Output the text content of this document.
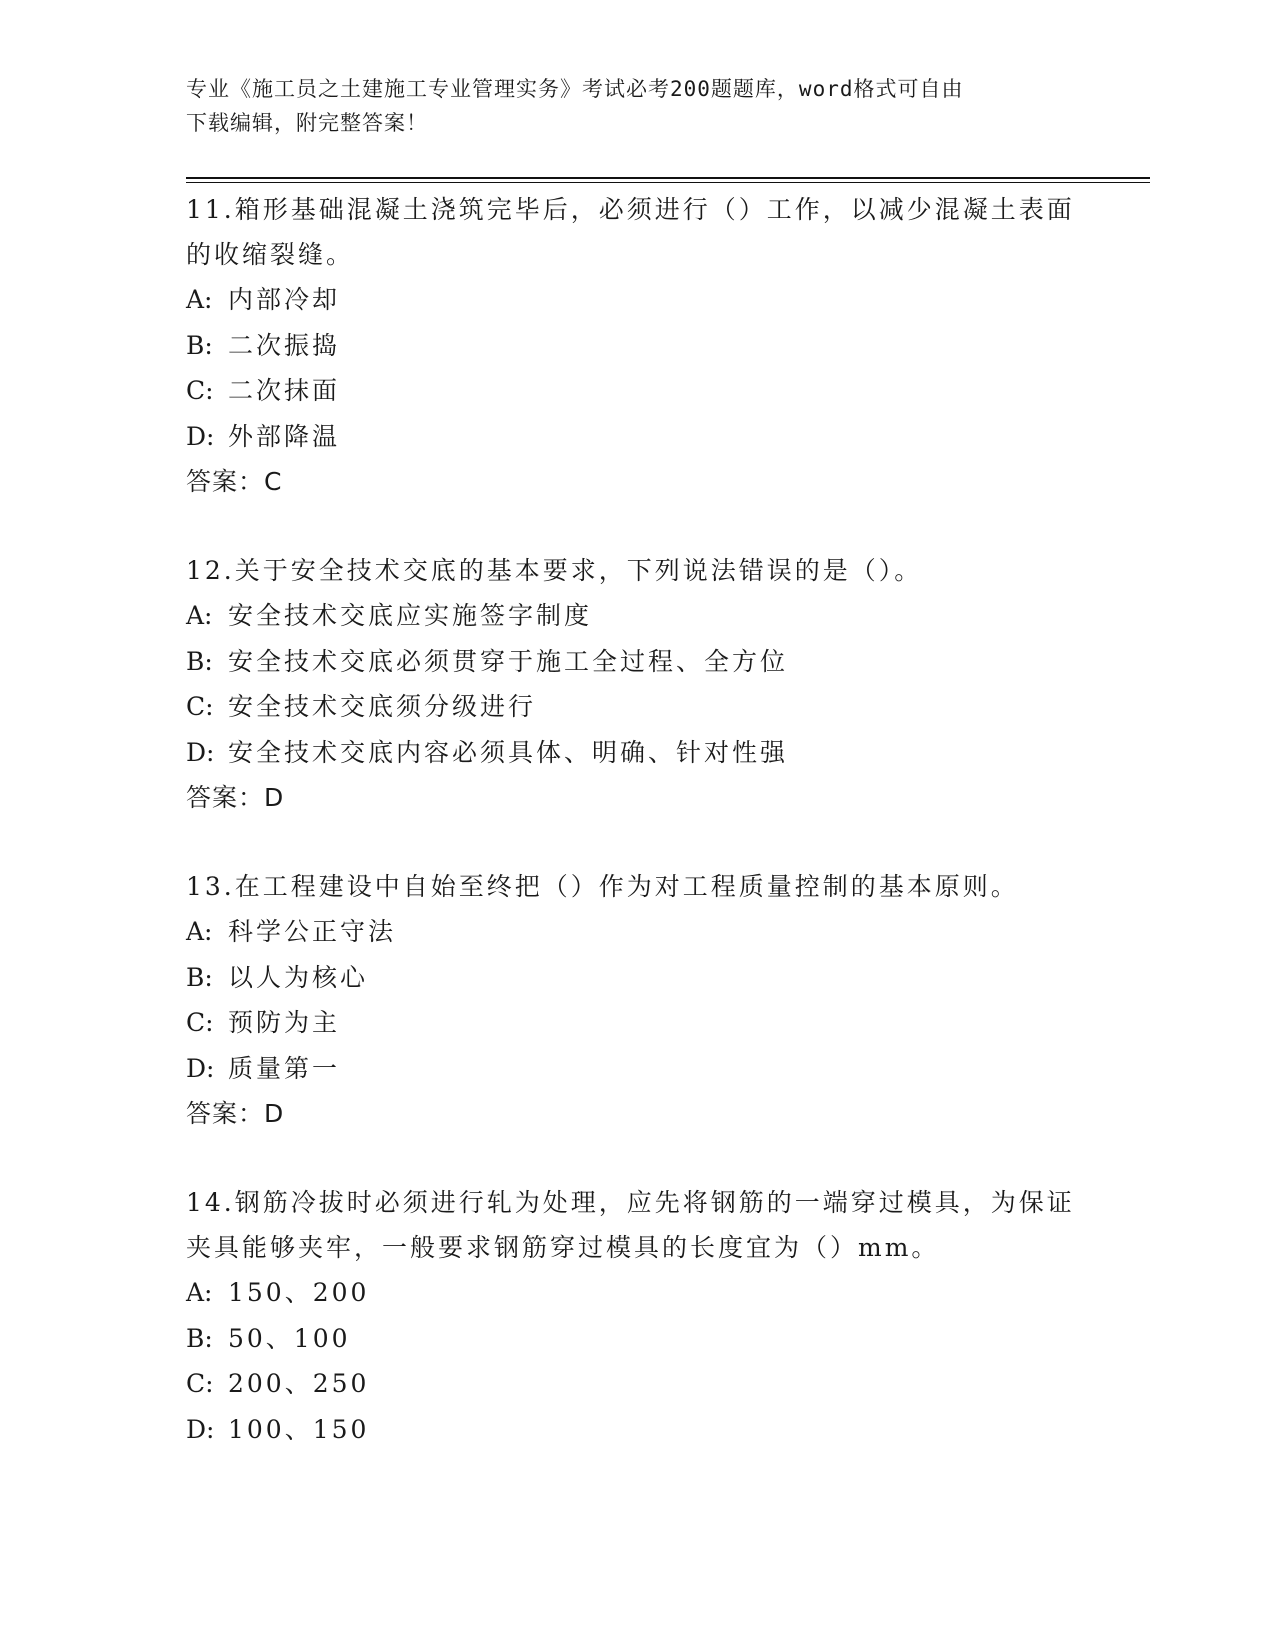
专业《施工员之土建施工专业管理实务》考试必考200题题库，word格式可自由
下载编辑，附完整答案！

11.箱形基础混凝土浇筑完毕后，必须进行（）工作，以减少混凝土表面的收缩裂缝。

A: 内部冷却

B: 二次振捣

C: 二次抹面

D: 外部降温

答案：C

12.关于安全技术交底的基本要求，下列说法错误的是（）。

A: 安全技术交底应实施签字制度

B: 安全技术交底必须贯穿于施工全过程、全方位

C: 安全技术交底须分级进行

D: 安全技术交底内容必须具体、明确、针对性强

答案：D

13.在工程建设中自始至终把（）作为对工程质量控制的基本原则。

A: 科学公正守法

B: 以人为核心

C: 预防为主

D: 质量第一

答案：D

14.钢筋冷拔时必须进行轧为处理，应先将钢筋的一端穿过模具，为保证夹具能够夹牢，一般要求钢筋穿过模具的长度宜为（）mm。

A: 150、200

B: 50、100

C: 200、250

D: 100、150
